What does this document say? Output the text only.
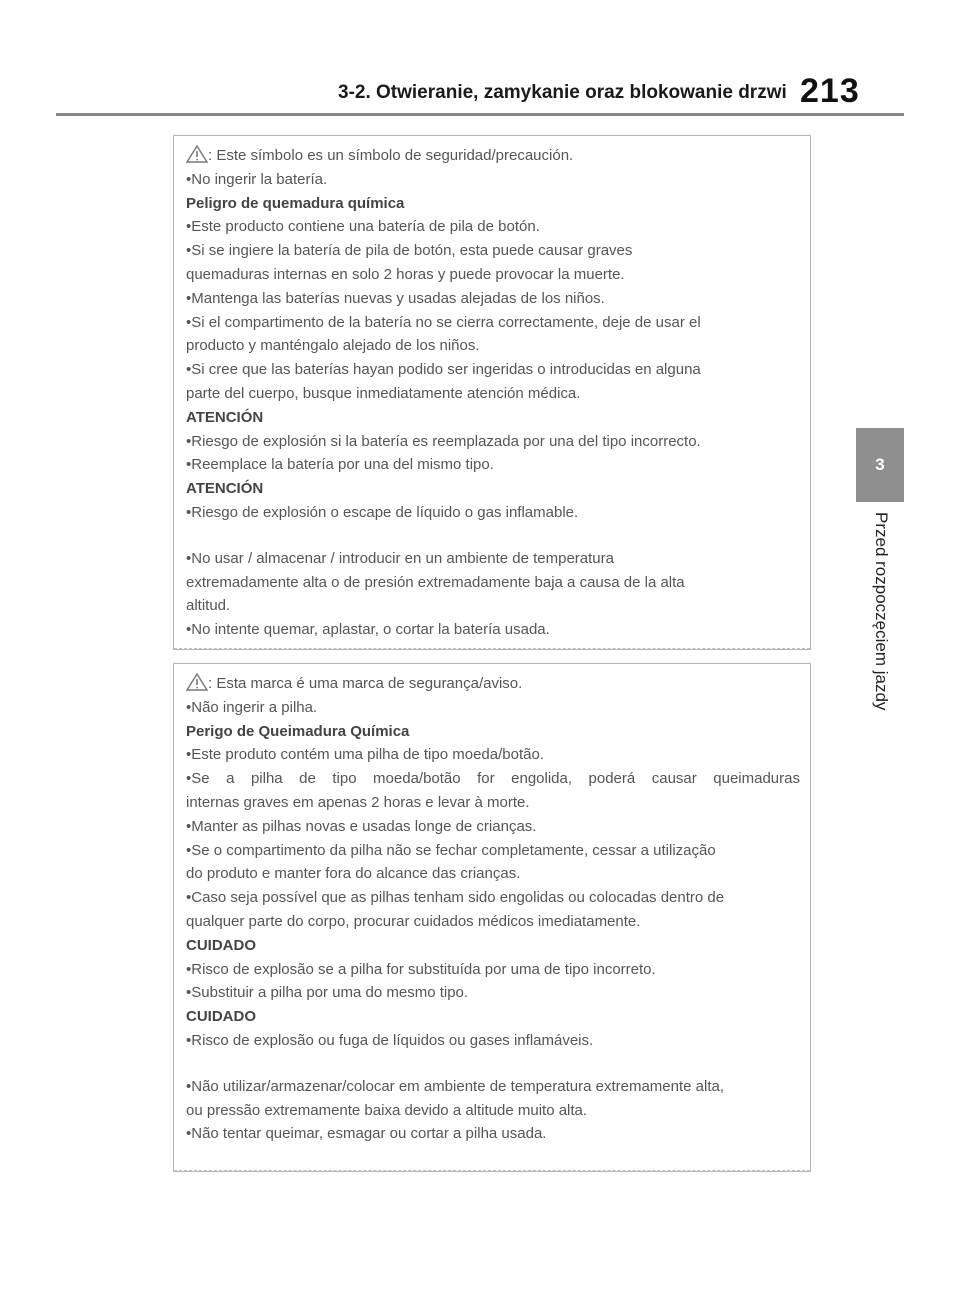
3-2. Otwieranie, zamykanie oraz blokowanie drzwi 213
3
Przed rozpoczęciem jazdy
: Este símbolo es un símbolo de seguridad/precaución.
•No ingerir la batería.
Peligro de quemadura química
•Este producto contiene una batería de pila de botón.
•Si se ingiere la batería de pila de botón, esta puede causar graves
quemaduras internas en solo 2 horas y puede provocar la muerte.
•Mantenga las baterías nuevas y usadas alejadas de los niños.
•Si el compartimento de la batería no se cierra correctamente, deje de usar el
producto y manténgalo alejado de los niños.
•Si cree que las baterías hayan podido ser ingeridas o introducidas en alguna
parte del cuerpo, busque inmediatamente atención médica.
ATENCIÓN
•Riesgo de explosión si la batería es reemplazada por una del tipo incorrecto.
•Reemplace la batería por una del mismo tipo.
ATENCIÓN
•Riesgo de explosión o escape de líquido o gas inflamable.
•No usar / almacenar / introducir en un ambiente de temperatura
extremadamente alta o de presión extremadamente baja a causa de la alta
altitud.
•No intente quemar, aplastar, o cortar la batería usada.
: Esta marca é uma marca de segurança/aviso.
•Não ingerir a pilha.
Perigo de Queimadura Química
•Este produto contém uma pilha de tipo moeda/botão.
•Se a pilha de tipo moeda/botão for engolida, poderá causar queimaduras
internas graves em apenas 2 horas e levar à morte.
•Manter as pilhas novas e usadas longe de crianças.
•Se o compartimento da pilha não se fechar completamente, cessar a utilização
do produto e manter fora do alcance das crianças.
•Caso seja possível que as pilhas tenham sido engolidas ou colocadas dentro de
qualquer parte do corpo, procurar cuidados médicos imediatamente.
CUIDADO
•Risco de explosão se a pilha for substituída por uma de tipo incorreto.
•Substituir a pilha por uma do mesmo tipo.
CUIDADO
•Risco de explosão ou fuga de líquidos ou gases inflamáveis.
•Não utilizar/armazenar/colocar em ambiente de temperatura extremamente alta,
ou pressão extremamente baixa devido a altitude muito alta.
•Não tentar queimar, esmagar ou cortar a pilha usada.
